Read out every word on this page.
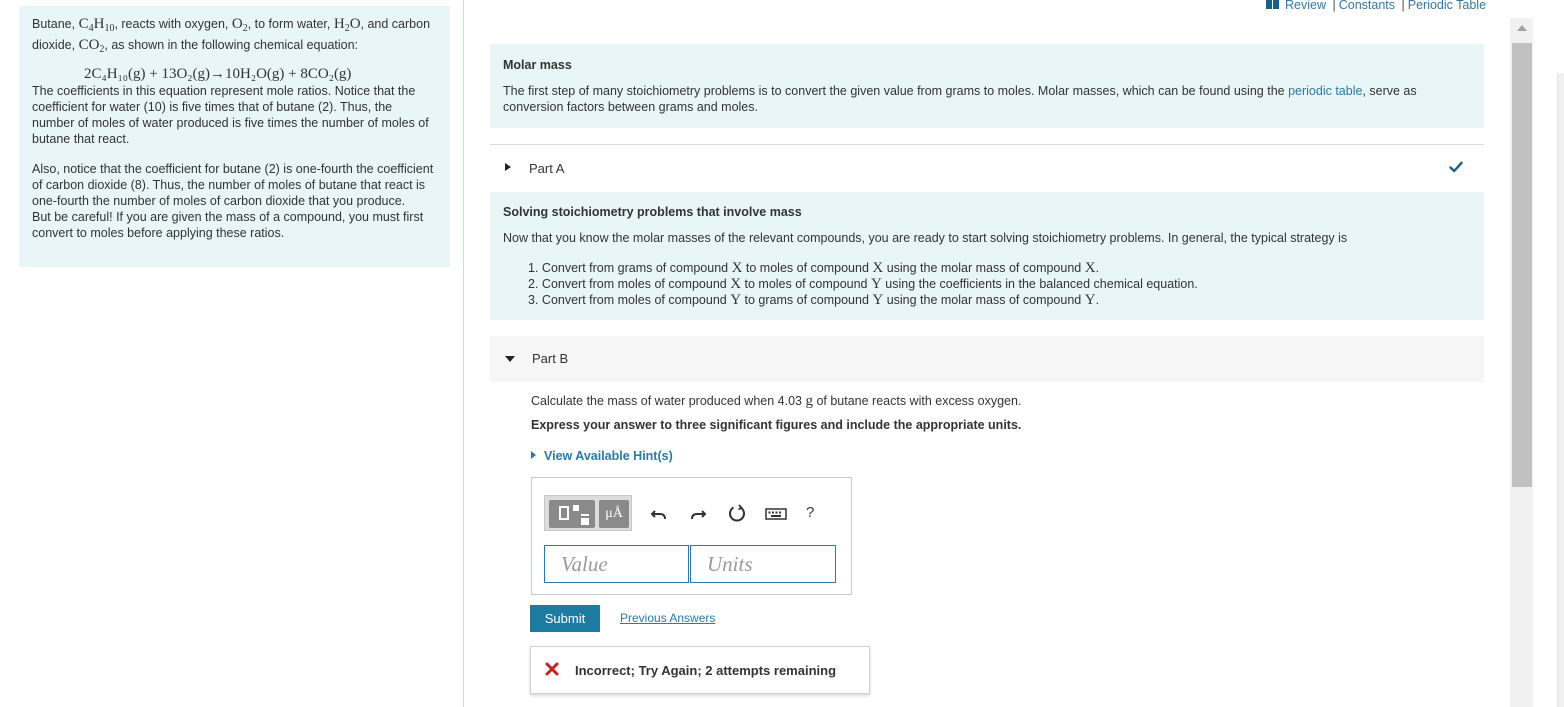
Butane, $C_4H_{10}$, reacts with oxygen, $O_2$, to form water, $H_2O$, and carbon dioxide, $CO_2$, as shown in the following chemical equation:

2C₄H₁₀(g) + 13O₂(g)→10H₂O(g) + 8CO₂(g)

The coefficients in this equation represent mole ratios. Notice that the coefficient for water (10) is five times that of butane (2). Thus, the number of moles of water produced is five times the number of moles of butane that react.

Also, notice that the coefficient for butane (2) is one-fourth the coefficient of carbon dioxide (8). Thus, the number of moles of butane that react is one-fourth the number of moles of carbon dioxide that you produce.

But be careful! If you are given the mass of a compound, you must first convert to moles before applying these ratios.

Review | Constants | Periodic Table
Molar mass
The first step of many stoichiometry problems is to convert the given value from grams to moles. Molar masses, which can be found using the periodic table, serve as conversion factors between grams and moles.
Part A
Solving stoichiometry problems that involve mass
Now that you know the molar masses of the relevant compounds, you are ready to start solving stoichiometry problems. In general, the typical strategy is
1. Convert from grams of compound X to moles of compound X using the molar mass of compound X.
2. Convert from moles of compound X to moles of compound Y using the coefficients in the balanced chemical equation.
3. Convert from moles of compound Y to grams of compound Y using the molar mass of compound Y.
Part B
Calculate the mass of water produced when 4.03 g of butane reacts with excess oxygen.
Express your answer to three significant figures and include the appropriate units.
View Available Hint(s)
μÅ	?
Value	Units
Submit	Previous Answers
Incorrect; Try Again; 2 attempts remaining
